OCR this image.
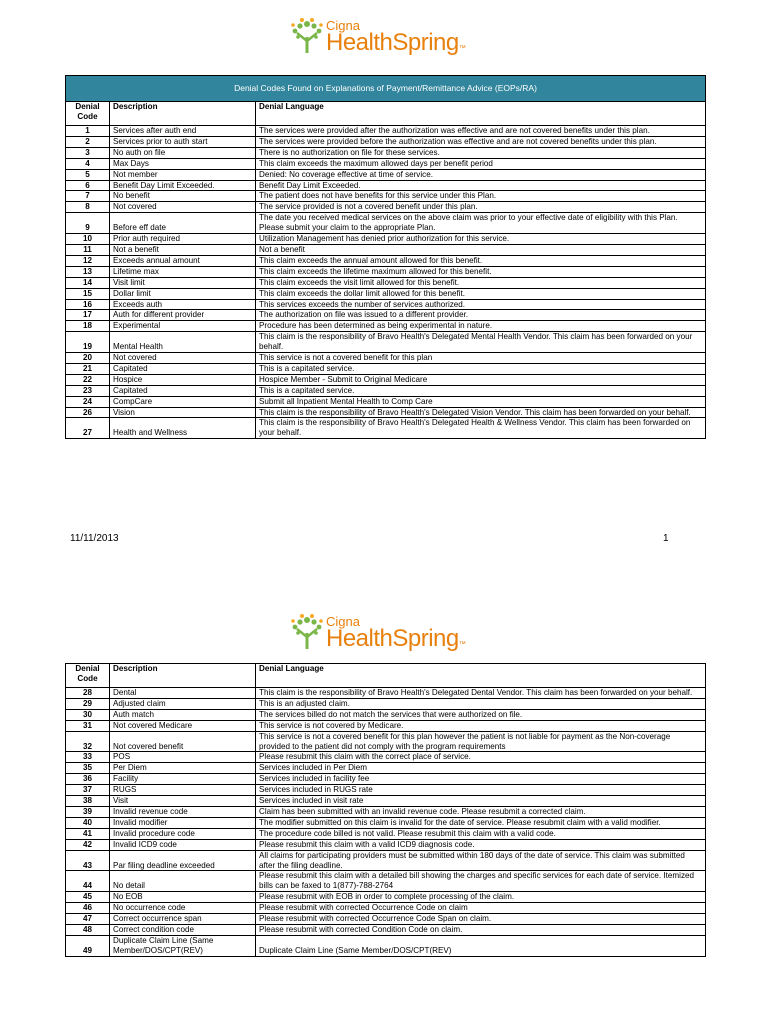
Cigna
HealthSpring™
Denial Codes Found on Explanations of Payment/Remittance Advice (EOPs/RA)		
Denial Code	Description	Denial Language
1	Services after auth end	The services were provided after the authorization was effective and are not covered benefits under this plan.
2	Services prior to auth start	The services were provided before the authorization was effective and are not covered benefits under this plan.
3	No auth on file	There is no authorization on file for these services.
4	Max Days	This claim exceeds the maximum allowed days per benefit period
5	Not member	Denied: No coverage effective at time of service.
6	Benefit Day Limit Exceeded.	Benefit Day Limit Exceeded.
7	No benefit	The patient does not have benefits for this service under this Plan.
8	Not covered	The service provided is not a covered benefit under this plan.
9	Before eff date	The date you received medical services on the above claim was prior to your effective date of eligibility with this Plan. Please submit your claim to the appropriate Plan.
10	Prior auth required	Utilization Management has denied prior authorization for this service.
11	Not a benefit	Not a benefit
12	Exceeds annual amount	This claim exceeds the annual amount allowed for this benefit.
13	Lifetime max	This claim exceeds the lifetime maximum allowed for this benefit.
14	Visit limit	This claim exceeds the visit limit allowed for this benefit.
15	Dollar limit	This claim exceeds the dollar limit allowed for this benefit.
16	Exceeds auth	This services exceeds the number of services authorized.
17	Auth for different provider	The authorization on file was issued to a different provider.
18	Experimental	Procedure has been determined as being experimental in nature.
19	Mental Health	This claim is the responsibility of Bravo Health's Delegated Mental Health Vendor. This claim has been forwarded on your behalf.
20	Not covered	This service is not a covered benefit for this plan
21	Capitated	This is a capitated service.
22	Hospice	Hospice Member - Submit to Original Medicare
23	Capitated	This is a capitated service.
24	CompCare	Submit all Inpatient Mental Health to Comp Care
26	Vision	This claim is the responsibility of Bravo Health's Delegated Vision Vendor. This claim has been forwarded on your behalf.
27	Health and Wellness	This claim is the responsibility of Bravo Health's Delegated Health & Wellness Vendor. This claim has been forwarded on your behalf.
11/11/2013	1
Cigna
HealthSpring™
Denial Code	Description	Denial Language
28	Dental	This claim is the responsibility of Bravo Health's Delegated Dental Vendor. This claim has been forwarded on your behalf.
29	Adjusted claim	This is an adjusted claim.
30	Auth match	The services billed do not match the services that were authorized on file.
31	Not covered Medicare	This service is not covered by Medicare.
32	Not covered benefit	This service is not a covered benefit for this plan however the patient is not liable for payment as the Non-coverage provided to the patient did not comply with the program requirements
33	POS	Please resubmit this claim with the correct place of service.
35	Per Diem	Services included in Per Diem
36	Facility	Services included in facility fee
37	RUGS	Services included in RUGS rate
38	Visit	Services included in visit rate
39	Invalid revenue code	Claim has been submitted with an invalid revenue code. Please resubmit a corrected claim.
40	Invalid modifier	The modifier submitted on this claim is invalid for the date of service. Please resubmit claim with a valid modifier.
41	Invalid procedure code	The procedure code billed is not valid. Please resubmit this claim with a valid code.
42	Invalid ICD9 code	Please resubmit this claim with a valid ICD9 diagnosis code.
43	Par filing deadline exceeded	All claims for participating providers must be submitted within 180 days of the date of service. This claim was submitted after the filing deadline.
44	No detail	Please resubmit this claim with a detailed bill showing the charges and specific services for each date of service. Itemized bills can be faxed to 1(877)-788-2764
45	No EOB	Please resubmit with EOB in order to complete processing of the claim.
46	No occurrence code	Please resubmit with corrected Occurrence Code on claim
47	Correct occurrence span	Please resubmit with corrected Occurrence Code Span on claim.
48	Correct condition code	Please resubmit with corrected Condition Code on claim.
49	Duplicate Claim Line (Same Member/DOS/CPT(REV)	Duplicate Claim Line (Same Member/DOS/CPT(REV)
